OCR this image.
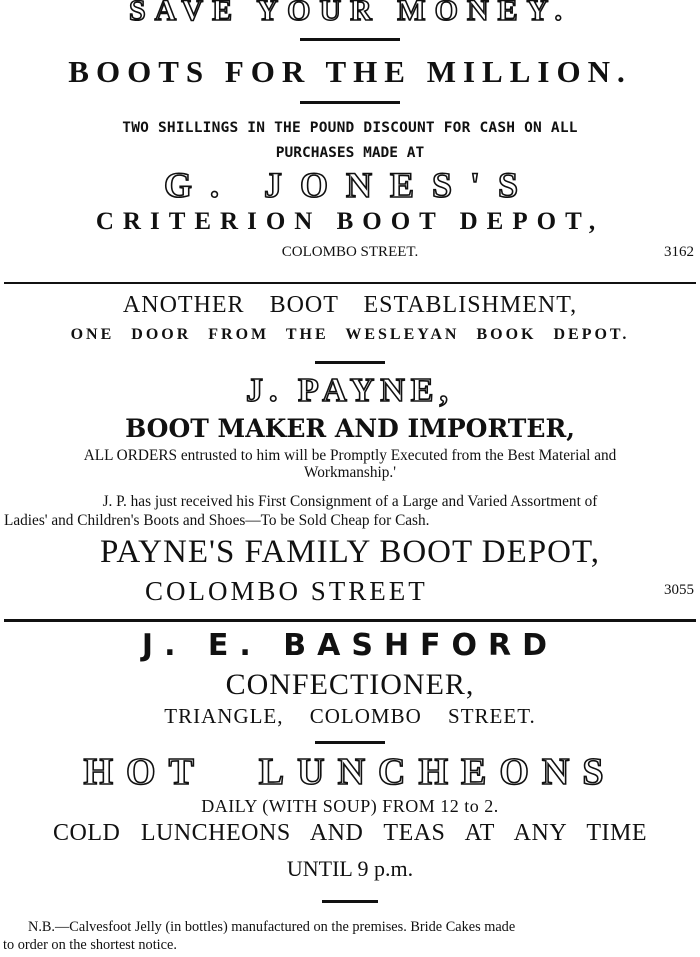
SAVE YOUR MONEY.
BOOTS FOR THE MILLION.
TWO SHILLINGS IN THE POUND DISCOUNT FOR CASH ON ALL
PURCHASES MADE AT
G. JONES'S
CRITERION BOOT DEPOT,
COLOMBO STREET.	3162
ANOTHER BOOT ESTABLISHMENT,
ONE DOOR FROM THE WESLEYAN BOOK DEPOT.
J. PAYNE,
BOOT MAKER AND IMPORTER,
ALL ORDERS entrusted to him will be Promptly Executed from the Best Material and
Workmanship.'
J. P. has just received his First Consignment of a Large and Varied Assortment of
Ladies' and Children's Boots and Shoes—To be Sold Cheap for Cash.
PAYNE'S FAMILY BOOT DEPOT,
COLOMBO STREET	3055
J. E. BASHFORD
CONFECTIONER,
TRIANGLE, COLOMBO STREET.
HOT LUNCHEONS
DAILY (WITH SOUP) FROM 12 to 2.
COLD LUNCHEONS AND TEAS AT ANY TIME
UNTIL 9 p.m.
N.B.—Calvesfoot Jelly (in bottles) manufactured on the premises. Bride Cakes made
to order on the shortest notice.
